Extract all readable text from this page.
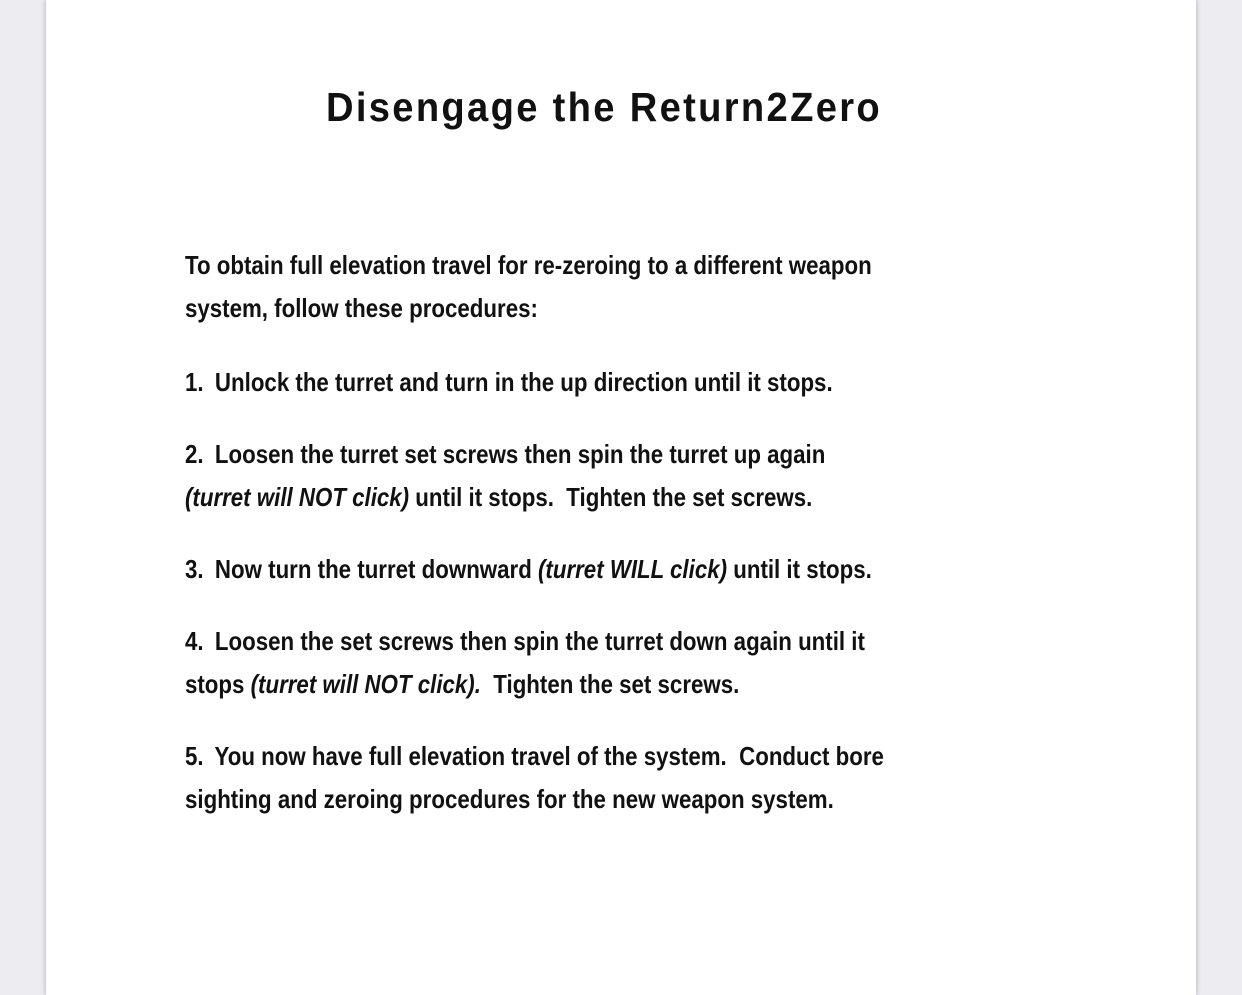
Disengage the Return2Zero
To obtain full elevation travel for re-zeroing to a different weapon
system, follow these procedures:
1. Unlock the turret and turn in the up direction until it stops.
2. Loosen the turret set screws then spin the turret up again
(turret will NOT click) until it stops.  Tighten the set screws.
3. Now turn the turret downward (turret WILL click) until it stops.
4. Loosen the set screws then spin the turret down again until it
stops (turret will NOT click).  Tighten the set screws.
5. You now have full elevation travel of the system.  Conduct bore
sighting and zeroing procedures for the new weapon system.
